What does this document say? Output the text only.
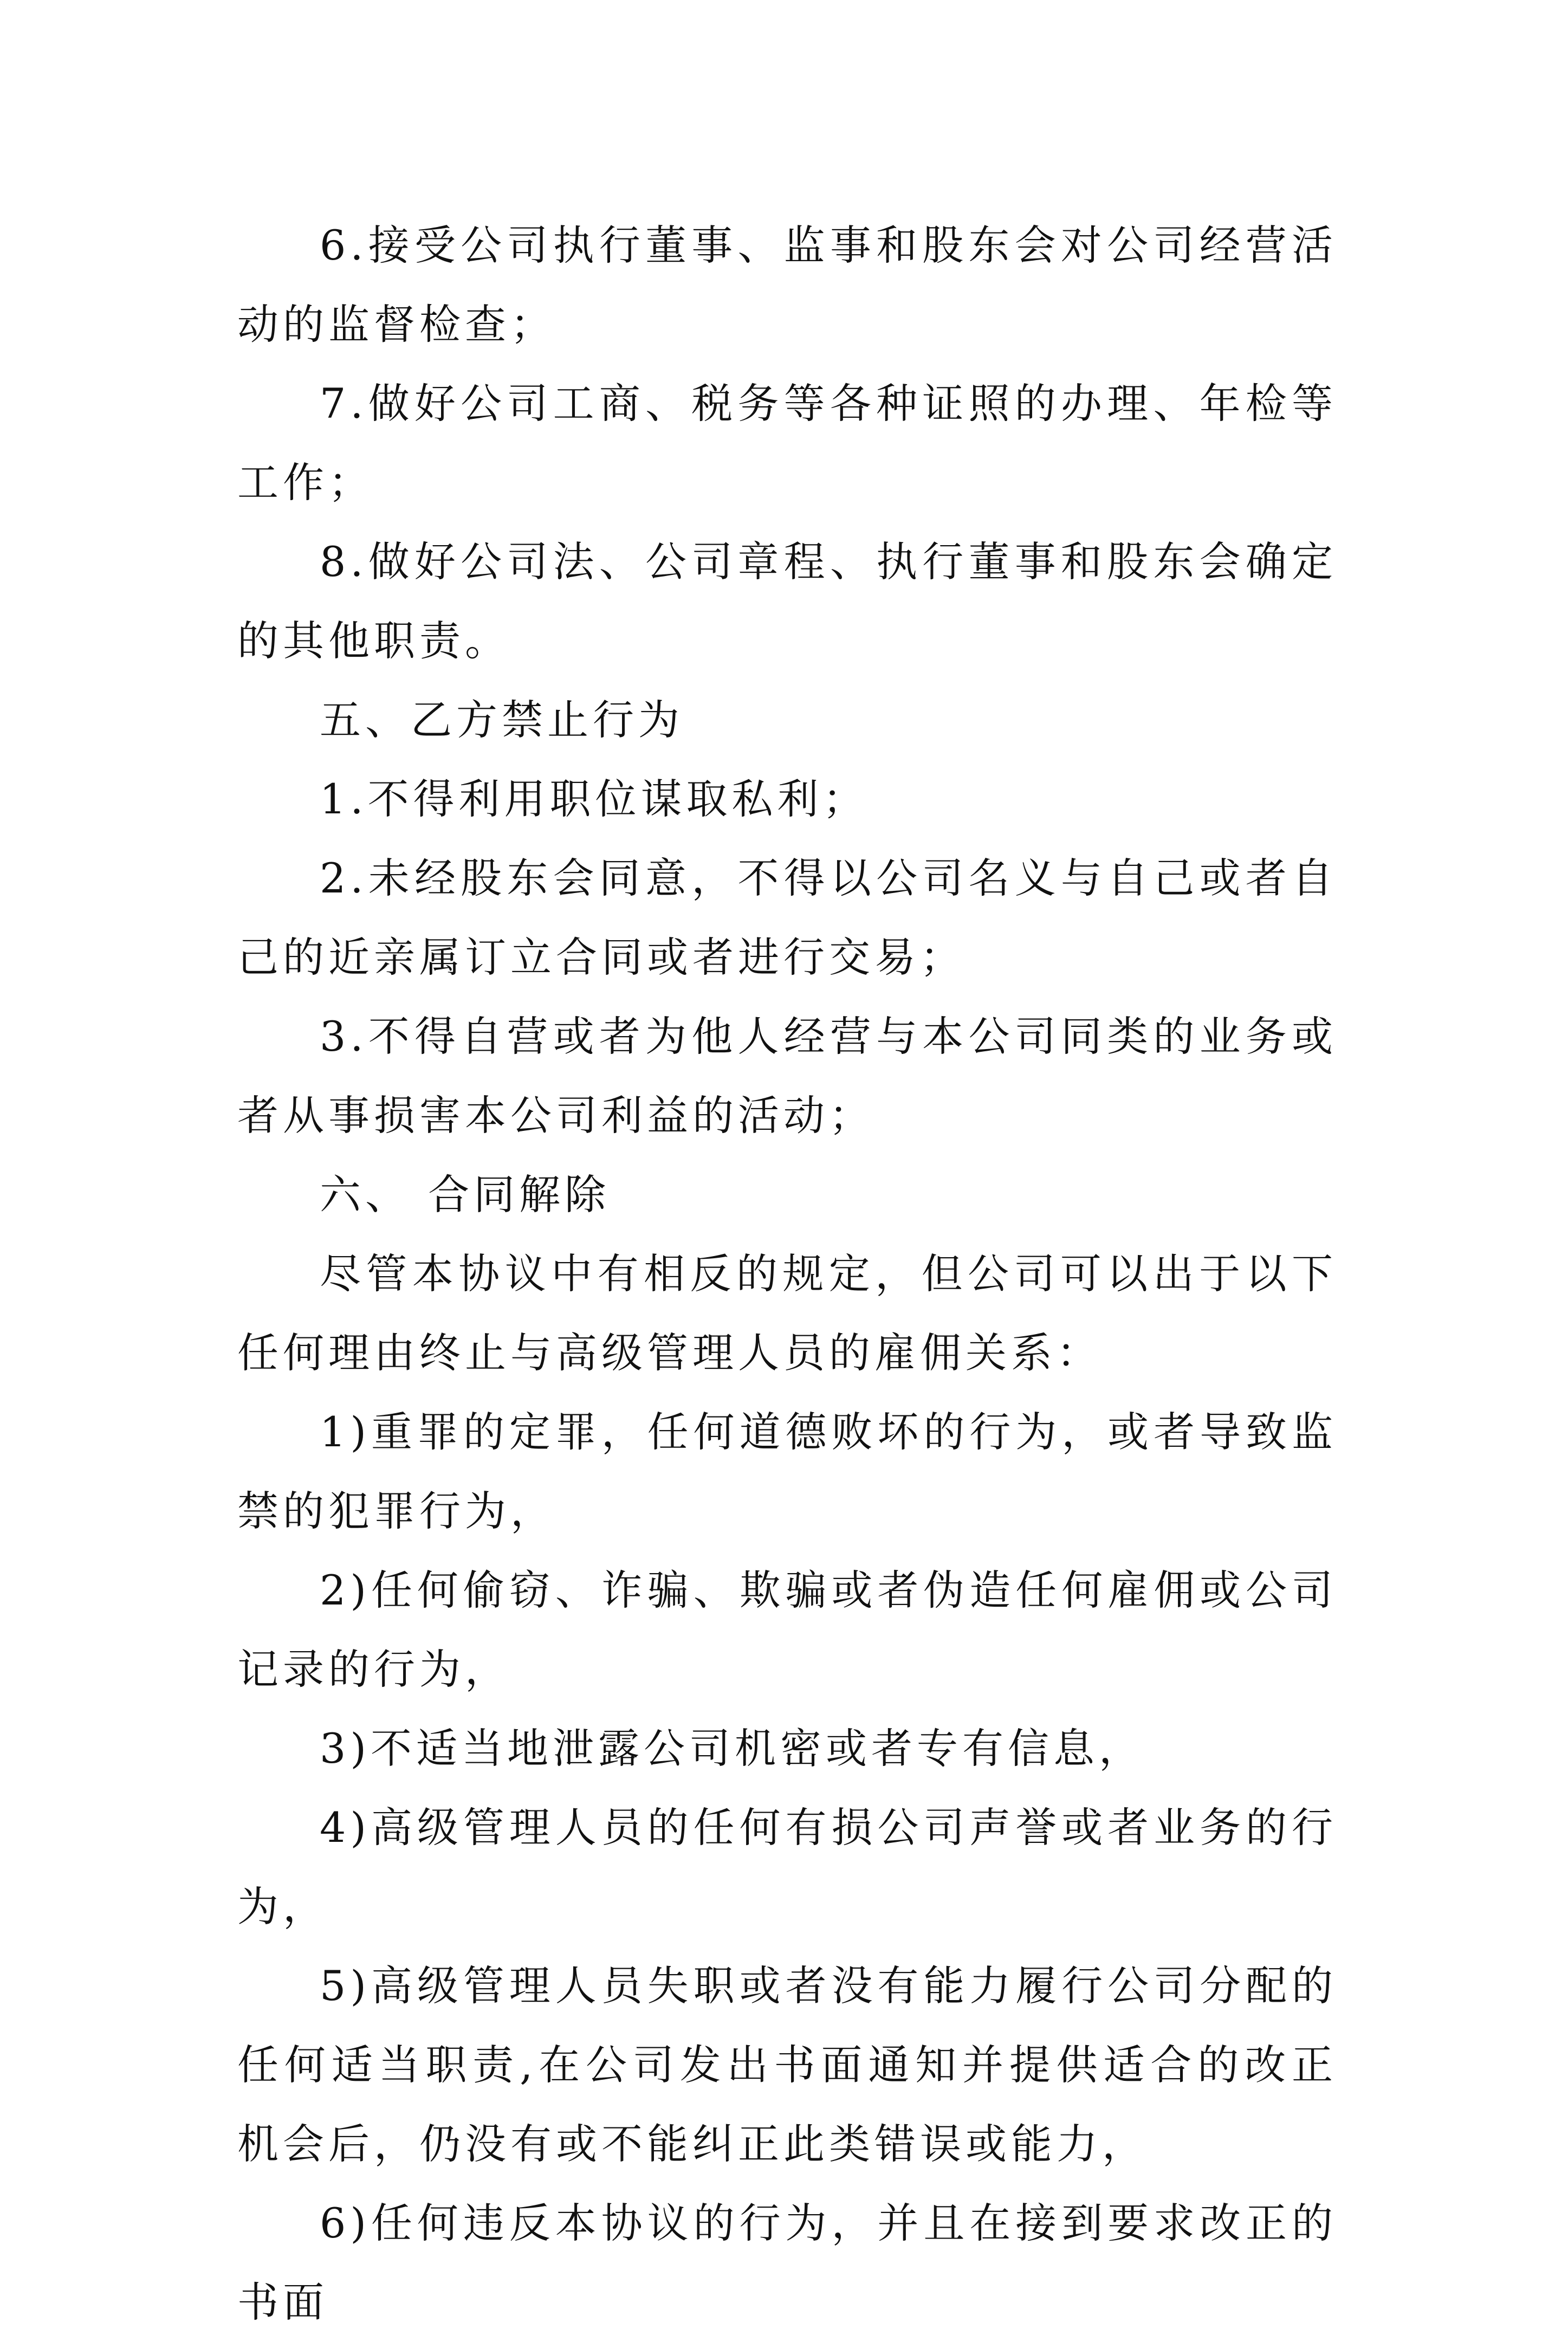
6.接受公司执行董事、监事和股东会对公司经营活动的监督检查；

7.做好公司工商、税务等各种证照的办理、年检等工作；

8.做好公司法、公司章程、执行董事和股东会确定的其他职责。

五、乙方禁止行为

1.不得利用职位谋取私利；

2.未经股东会同意，不得以公司名义与自己或者自己的近亲属订立合同或者进行交易；

3.不得自营或者为他人经营与本公司同类的业务或者从事损害本公司利益的活动；

六、 合同解除

尽管本协议中有相反的规定，但公司可以出于以下任何理由终止与高级管理人员的雇佣关系：

1)重罪的定罪，任何道德败坏的行为，或者导致监禁的犯罪行为，

2)任何偷窃、诈骗、欺骗或者伪造任何雇佣或公司记录的行为，

3)不适当地泄露公司机密或者专有信息，

4)高级管理人员的任何有损公司声誉或者业务的行为，

5)高级管理人员失职或者没有能力履行公司分配的任何适当职责,在公司发出书面通知并提供适合的改正机会后，仍没有或不能纠正此类错误或能力，

6)任何违反本协议的行为，并且在接到要求改正的书面
